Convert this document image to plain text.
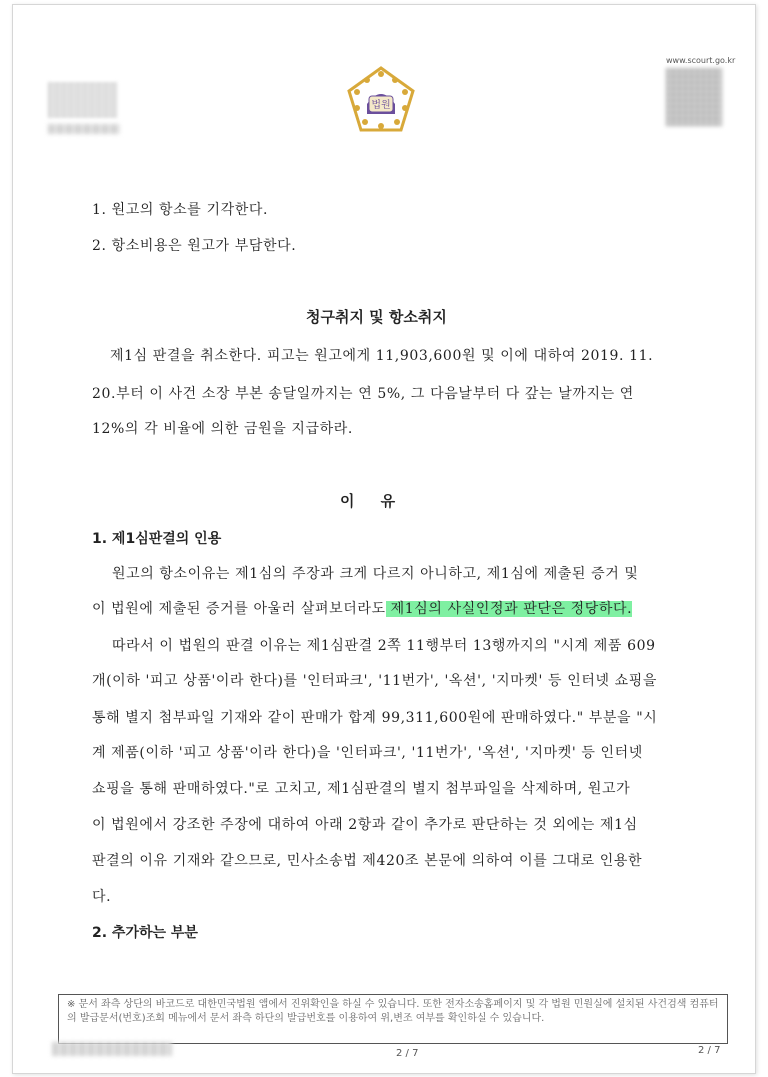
www.scourt.go.kr
법원
1. 원고의 항소를 기각한다.
2. 항소비용은 원고가 부담한다.
청구취지 및 항소취지
제1심 판결을 취소한다. 피고는 원고에게 11,903,600원 및 이에 대하여 2019. 11.
20.부터 이 사건 소장 부본 송달일까지는 연 5%, 그 다음날부터 다 갚는 날까지는 연
12%의 각 비율에 의한 금원을 지급하라.
이     유
1. 제1심판결의 인용
원고의 항소이유는 제1심의 주장과 크게 다르지 아니하고, 제1심에 제출된 증거 및
이 법원에 제출된 증거를 아울러 살펴보더라도 제1심의 사실인정과 판단은 정당하다.
따라서 이 법원의 판결 이유는 제1심판결 2쪽 11행부터 13행까지의 "시계 제품 609
개(이하 '피고 상품'이라 한다)를 '인터파크', '11번가', '옥션', '지마켓' 등 인터넷 쇼핑을
통해 별지 첨부파일 기재와 같이 판매가 합계 99,311,600원에 판매하였다." 부분을 "시
계 제품(이하 '피고 상품'이라 한다)을 '인터파크', '11번가', '옥션', '지마켓' 등 인터넷
쇼핑을 통해 판매하였다."로 고치고, 제1심판결의 별지 첨부파일을 삭제하며, 원고가
이 법원에서 강조한 주장에 대하여 아래 2항과 같이 추가로 판단하는 것 외에는 제1심
판결의 이유 기재와 같으므로, 민사소송법 제420조 본문에 의하여 이를 그대로 인용한
다.
2. 추가하는 부분
※ 문서 좌측 상단의 바코드로 대한민국법원 앱에서 진위확인을 하실 수 있습니다. 또한 전자소송홈페이지 및 각 법원 민원실에 설치된 사건검색 컴퓨터의 발급문서(번호)조회 메뉴에서 문서 좌측 하단의 발급번호를 이용하여 위,변조 여부를 확인하실 수 있습니다.
2 / 7	2 / 7
